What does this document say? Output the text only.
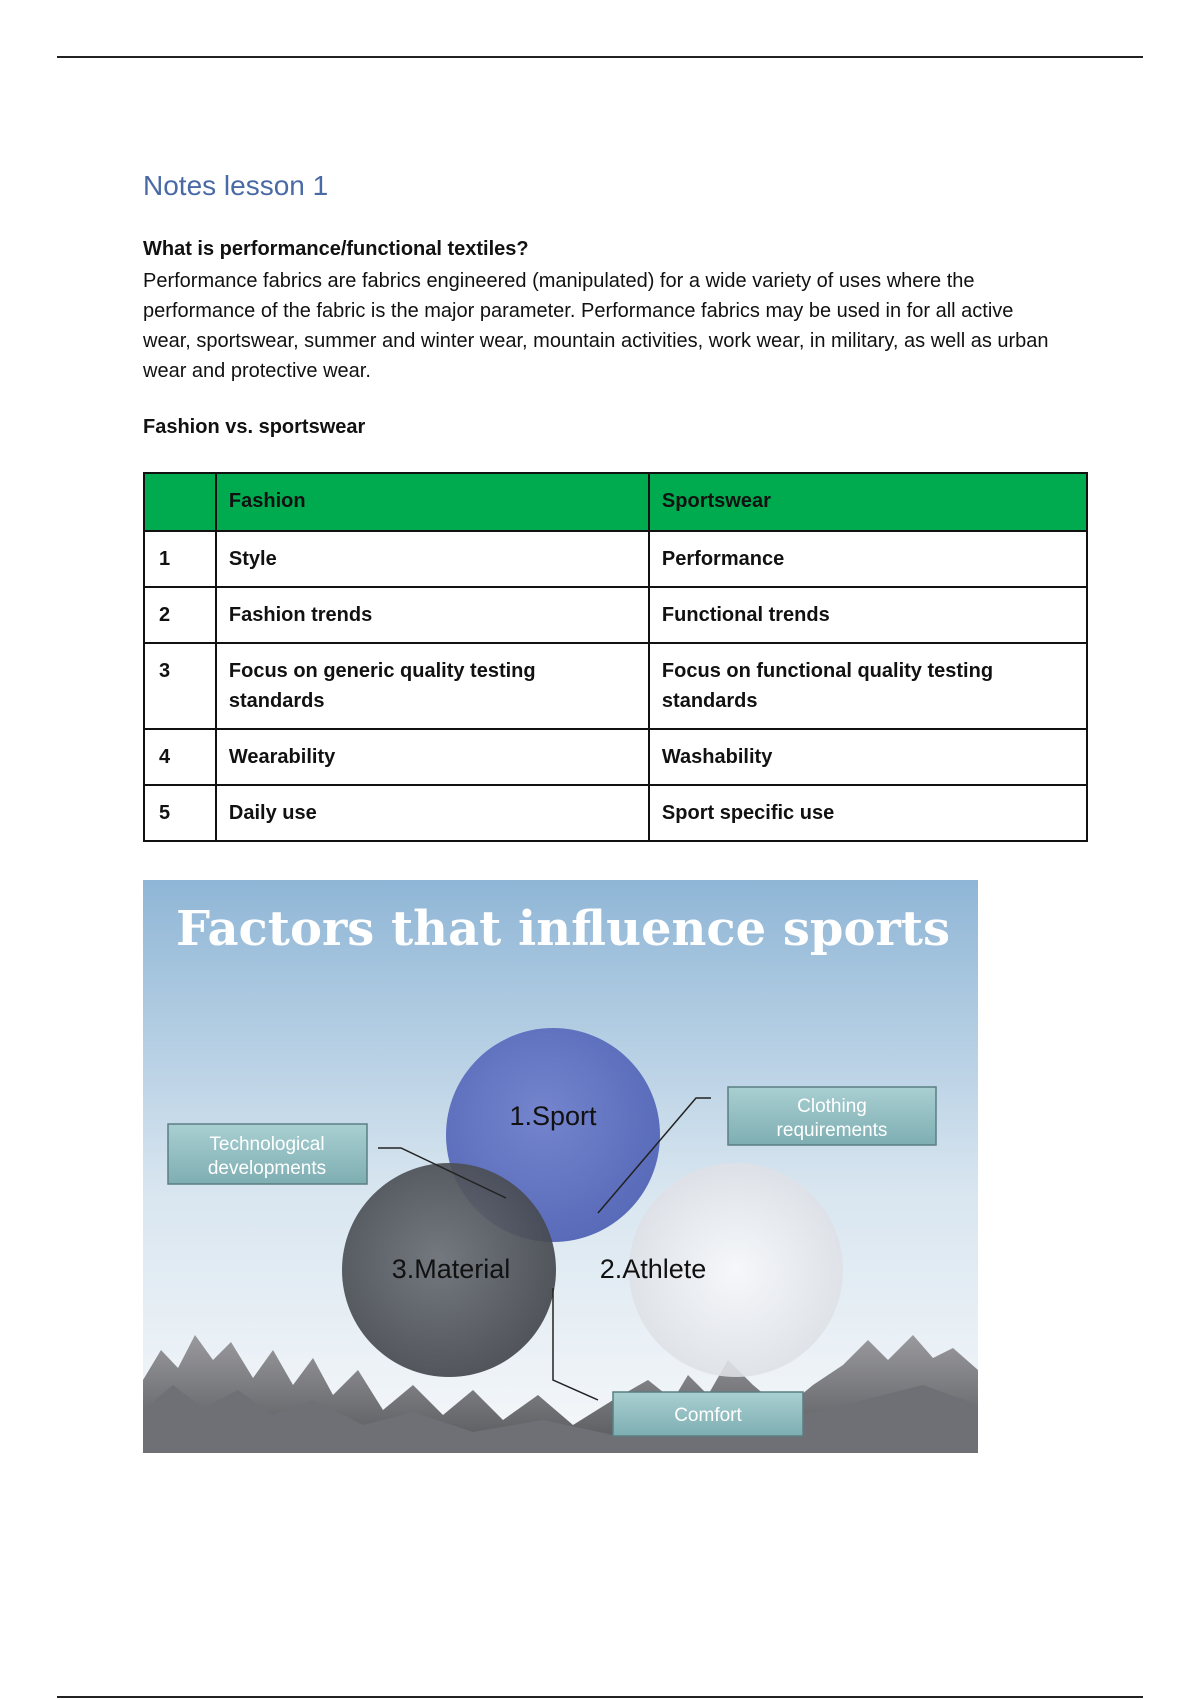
Notes lesson 1
What is performance/functional textiles?

Performance fabrics are fabrics engineered (manipulated) for a wide variety of uses where the performance of the fabric is the major parameter. Performance fabrics may be used in for all active wear, sportswear, summer and winter wear, mountain activities, work wear, in military, as well as urban wear and protective wear.

Fashion vs. sportswear
	Fashion	Sportswear
1	Style	Performance
2	Fashion trends	Functional trends
3	Focus on generic quality testing standards	Focus on functional quality testing standards
4	Wearability	Washability
5	Daily use	Sport specific use
Factors that influence sports
1.Sport
2.Athlete
3.Material
Technological
developments
Clothing
requirements
Comfort
